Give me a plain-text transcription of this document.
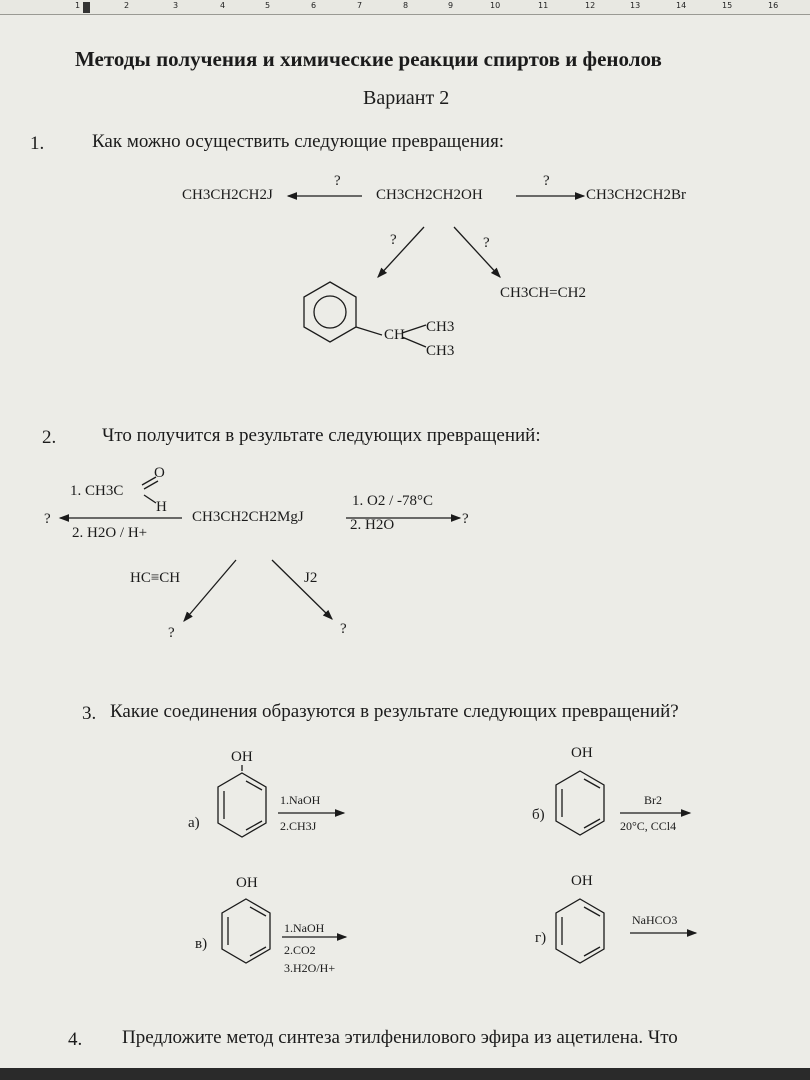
1	2	3	4	5	6	7	8	9	10	11	12	13	14	15	16
Методы получения и химические реакции спиртов и фенолов
Вариант 2
1.	Как можно осуществить следующие превращения:
CH3CH2CH2J	CH3CH2CH2OH	CH3CH2CH2Br
?	?
?	?
CH3CH=CH2
CH CH3
CH3
2. Что получится в результате следующих превращений:
1. CH3C
O
H
2. H2O / H+
?	CH3CH2CH2MgJ
1. O2 / -78°C
2. H2O	?
HC≡CH	J2
?	?
3. Какие соединения образуются в результате следующих превращений?
OH
а)
1.NaOH
2.CH3J
OH
б)
Br2
20°C, CCl4
OH
в)
1.NaOH
2.CO2
3.H2O/H+
OH
г)
NaHCO3
4. Предложите метод синтеза этилфенилового эфира из ацетилена. Что
